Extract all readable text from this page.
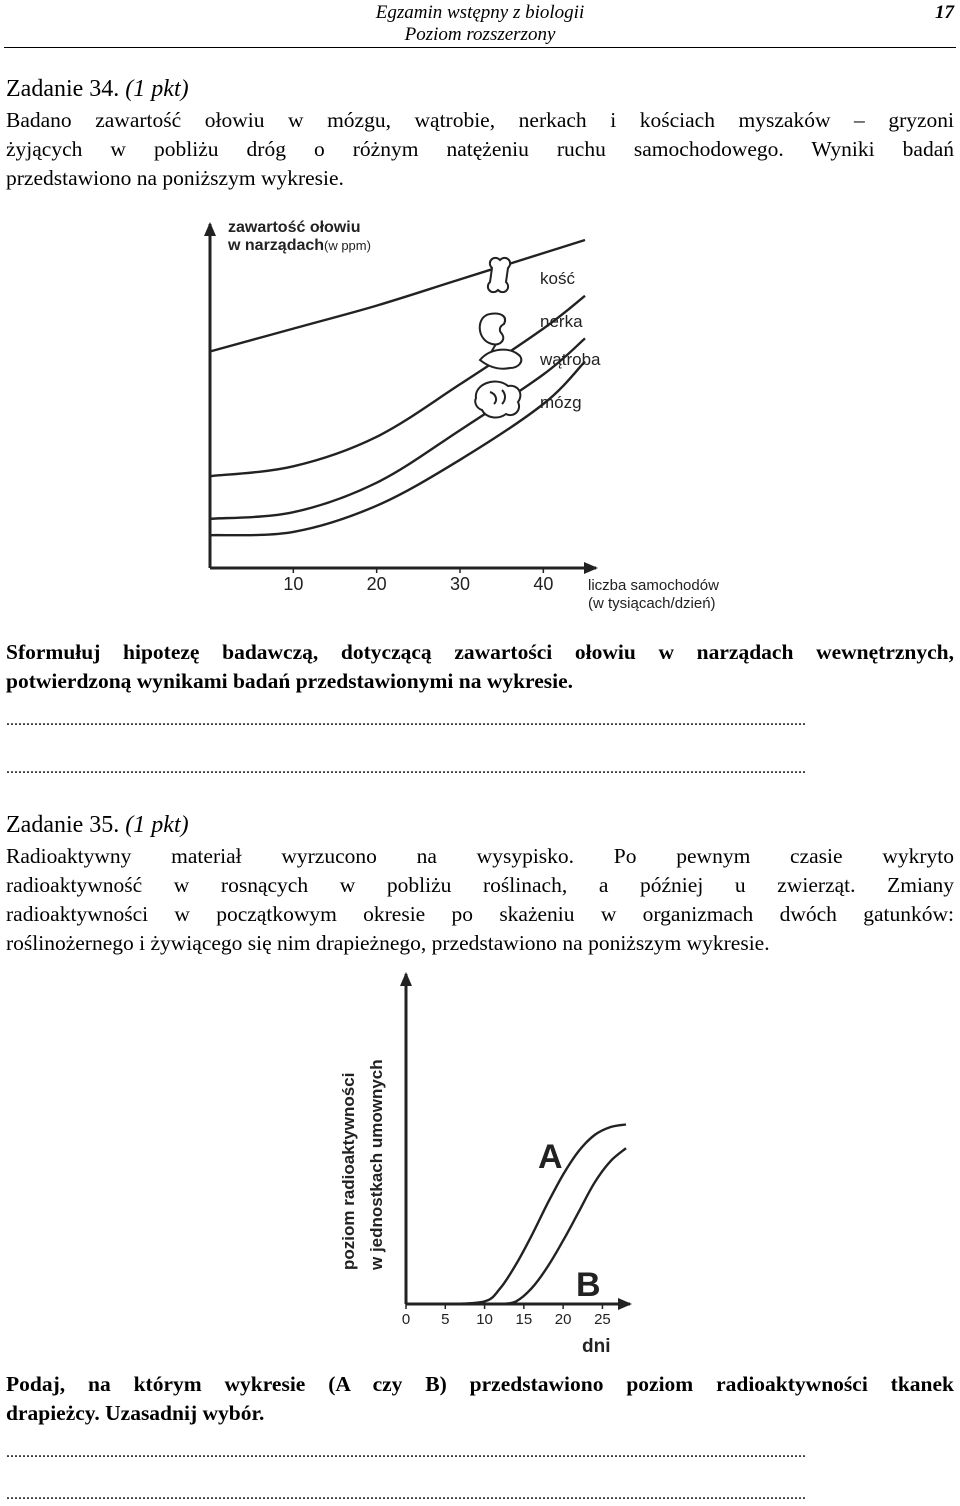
Egzamin wstępny z biologii
Poziom rozszerzony
17
Zadanie 34. (1 pkt)
Badano zawartość ołowiu w mózgu, wątrobie, nerkach i kościach myszaków – gryzoni
żyjących w pobliżu dróg o różnym natężeniu ruchu samochodowego. Wyniki badań
przedstawiono na poniższym wykresie.
10	20	30	40
zawartość ołowiu
w narządach (w ppm)
liczba samochodów
(w tysiącach/dzień)
kość
nerka
wątroba
mózg
Sformułuj hipotezę badawczą, dotyczącą zawartości ołowiu w narządach wewnętrznych,
potwierdzoną wynikami badań przedstawionymi na wykresie.
........................................................................................................................................................................................................
........................................................................................................................................................................................................
Zadanie 35. (1 pkt)
Radioaktywny materiał wyrzucono na wysypisko. Po pewnym czasie wykryto
radioaktywność w rosnących w pobliżu roślinach, a później u zwierząt. Zmiany
radioaktywności w początkowym okresie po skażeniu w organizmach dwóch gatunków:
roślinożernego i żywiącego się nim drapieżnego, przedstawiono na poniższym wykresie.
0 5 10 15 20 25
poziom radioaktywności w jednostkach umownych
dni
A
B
Podaj, na którym wykresie (A czy B) przedstawiono poziom radioaktywności tkanek
drapieżcy. Uzasadnij wybór.
........................................................................................................................................................................................................
........................................................................................................................................................................................................
